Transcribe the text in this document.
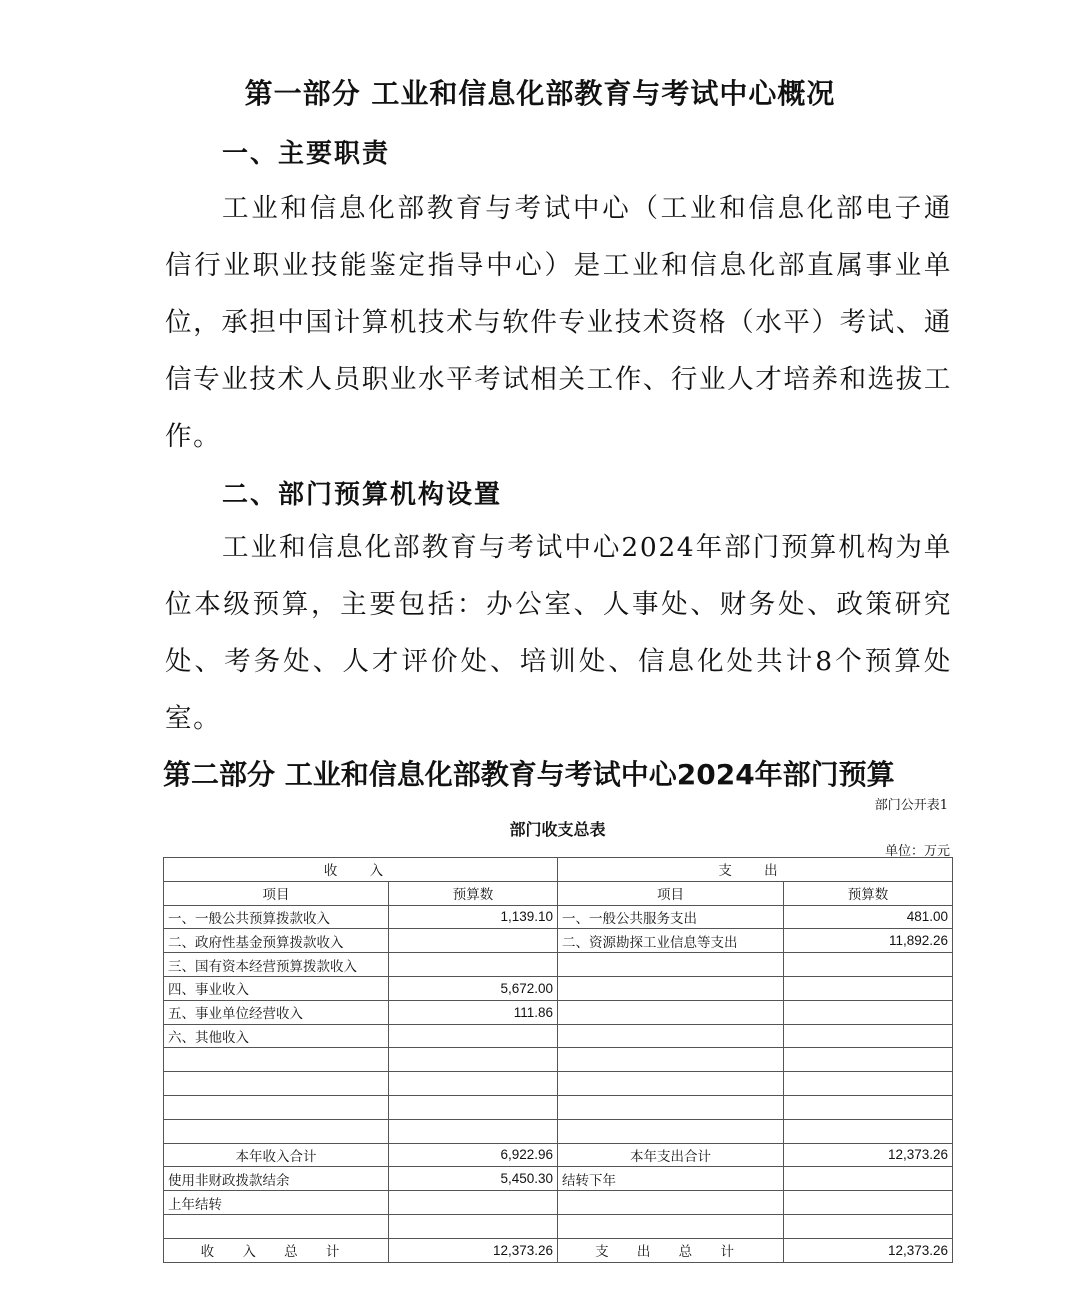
第一部分 工业和信息化部教育与考试中心概况
一、主要职责

工业和信息化部教育与考试中心（工业和信息化部电子通信行业职业技能鉴定指导中心）是工业和信息化部直属事业单位，承担中国计算机技术与软件专业技术资格（水平）考试、通信专业技术人员职业水平考试相关工作、行业人才培养和选拔工作。

二、部门预算机构设置

工业和信息化部教育与考试中心2024年部门预算机构为单位本级预算，主要包括：办公室、人事处、财务处、政策研究处、考务处、人才评价处、培训处、信息化处共计8个预算处室。

第二部分 工业和信息化部教育与考试中心2024年部门预算
部门公开表1
部门收支总表
单位：万元
收 入		支 出	
项目	预算数	项目	预算数
一、一般公共预算拨款收入	1,139.10	一、一般公共服务支出	481.00
二、政府性基金预算拨款收入		二、资源勘探工业信息等支出	11,892.26
三、国有资本经营预算拨款收入			
四、事业收入	5,672.00		
五、事业单位经营收入	111.86		
六、其他收入			

本年收入合计	6,922.96	本年支出合计	12,373.26
使用非财政拨款结余	5,450.30	结转下年	
上年结转			

收 入 总 计	12,373.26	支 出 总 计	12,373.26
